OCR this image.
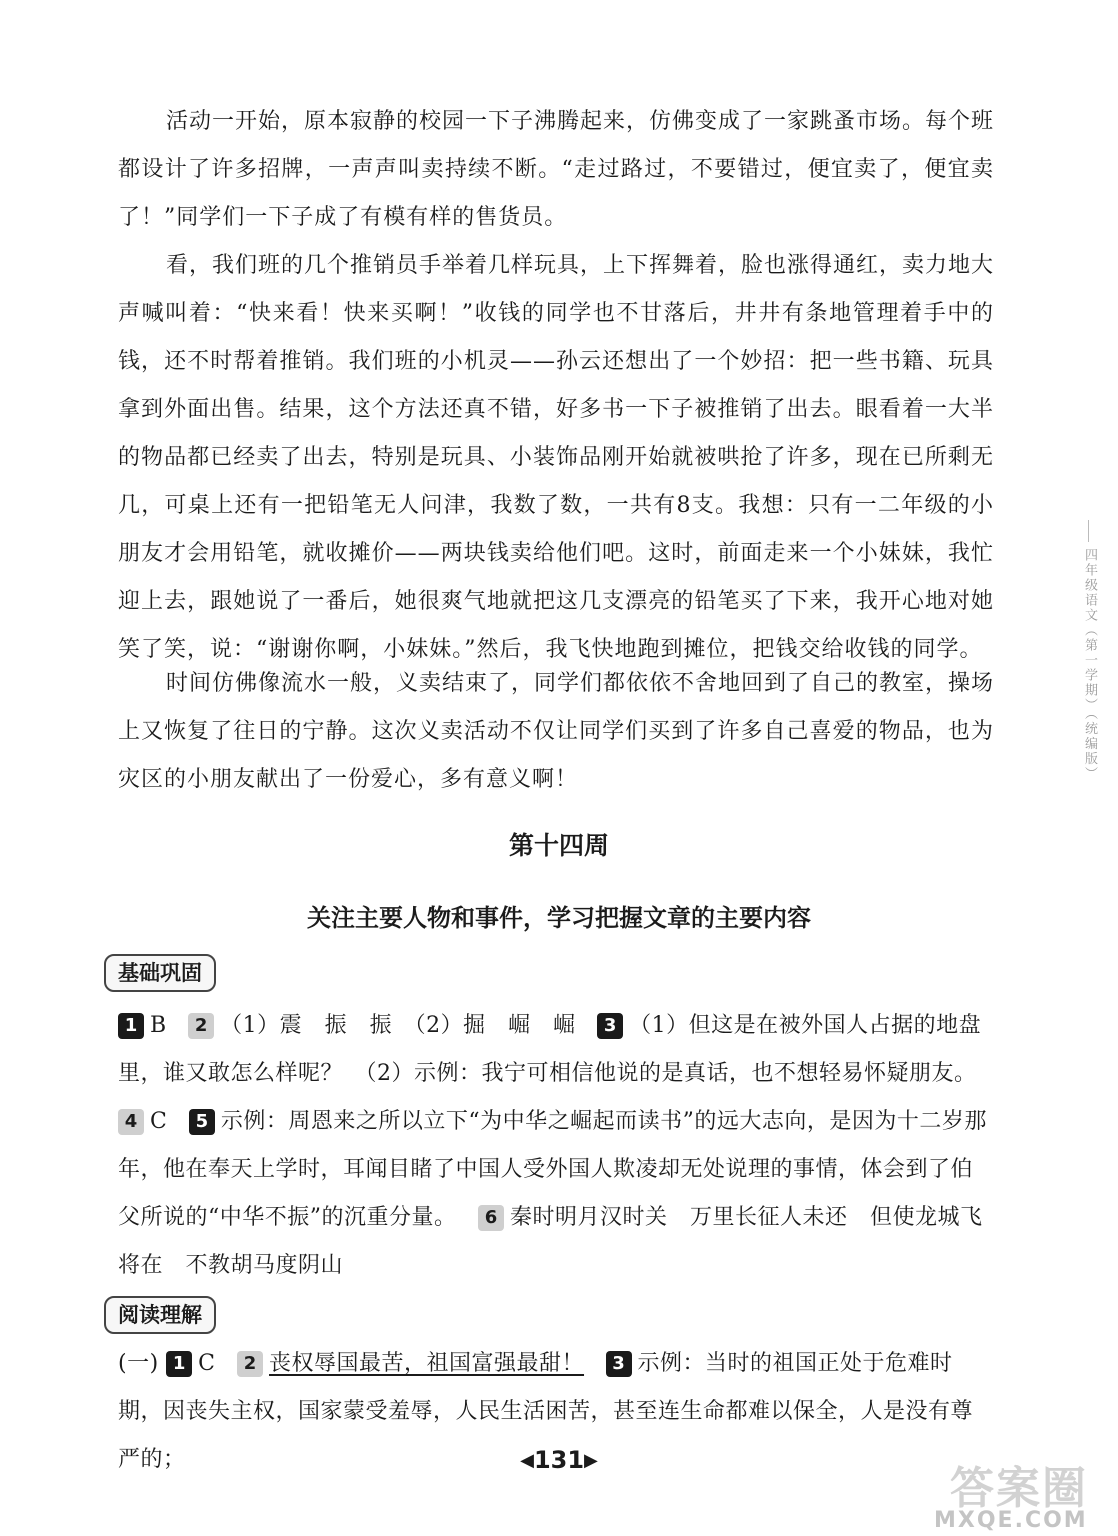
活动一开始，原本寂静的校园一下子沸腾起来，仿佛变成了一家跳蚤市场。每个班都设计了许多招牌，一声声叫卖持续不断。“走过路过，不要错过，便宜卖了，便宜卖了！”同学们一下子成了有模有样的售货员。

看，我们班的几个推销员手举着几样玩具，上下挥舞着，脸也涨得通红，卖力地大声喊叫着：“快来看！快来买啊！”收钱的同学也不甘落后，井井有条地管理着手中的钱，还不时帮着推销。我们班的小机灵——孙云还想出了一个妙招：把一些书籍、玩具拿到外面出售。结果，这个方法还真不错，好多书一下子被推销了出去。眼看着一大半的物品都已经卖了出去，特别是玩具、小装饰品刚开始就被哄抢了许多，现在已所剩无几，可桌上还有一把铅笔无人问津，我数了数，一共有8支。我想：只有一二年级的小朋友才会用铅笔，就收摊价——两块钱卖给他们吧。这时，前面走来一个小妹妹，我忙迎上去，跟她说了一番后，她很爽气地就把这几支漂亮的铅笔买了下来，我开心地对她笑了笑，说：“谢谢你啊，小妹妹。”然后，我飞快地跑到摊位，把钱交给收钱的同学。

时间仿佛像流水一般，义卖结束了，同学们都依依不舍地回到了自己的教室，操场上又恢复了往日的宁静。这次义卖活动不仅让同学们买到了许多自己喜爱的物品，也为灾区的小朋友献出了一份爱心，多有意义啊！

第十四周
关注主要人物和事件，学习把握文章的主要内容
基础巩固
1 B 2 （1）震　振　振　（2）掘　崛　崛 3 （1）但这是在被外国人占据的地盘里，谁又敢怎么样呢？　（2）示例：我宁可相信他说的是真话，也不想轻易怀疑朋友。
4 C 5 示例：周恩来之所以立下“为中华之崛起而读书”的远大志向，是因为十二岁那年，他在奉天上学时，耳闻目睹了中国人受外国人欺凌却无处说理的事情，体会到了伯父所说的“中华不振”的沉重分量。 6 秦时明月汉时关　万里长征人未还　但使龙城飞将在　不教胡马度阴山
阅读理解
(一) 1 C 2 丧权辱国最苦，祖国富强最甜！ 3 示例：当时的祖国正处于危难时期，因丧失主权，国家蒙受羞辱，人民生活困苦，甚至连生命都难以保全，人是没有尊严的；	◀131▶
四年级语文（第一学期）（统编版）
答案圈
MXQE.COM
